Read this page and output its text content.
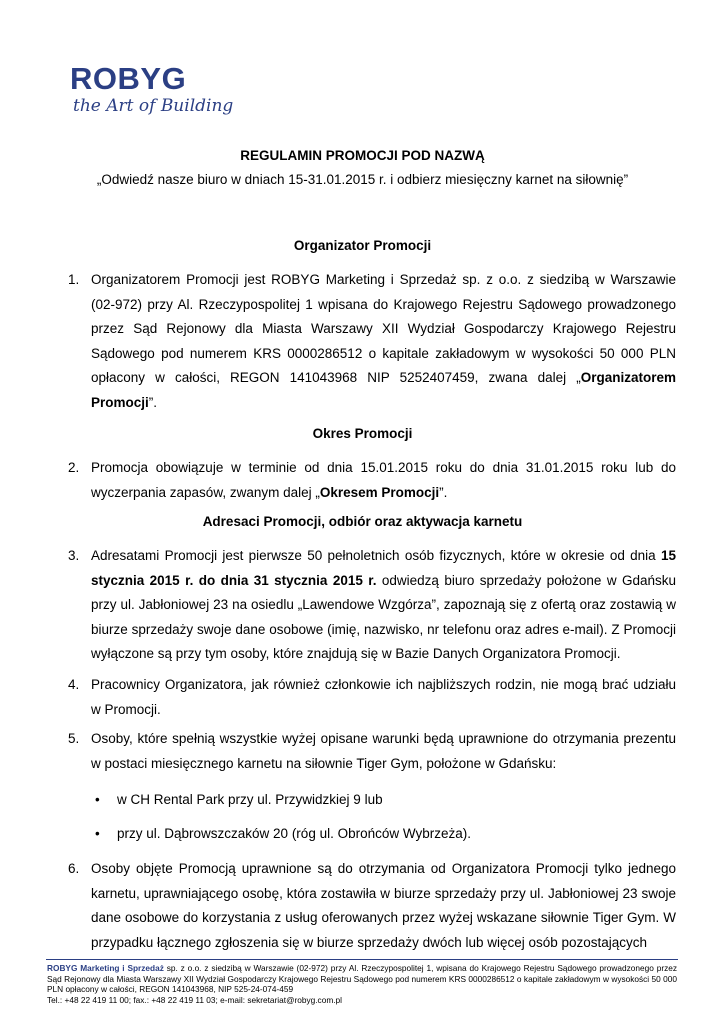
ROBYG
the Art of Building
REGULAMIN PROMOCJI POD NAZWĄ
„Odwiedź nasze biuro w dniach 15-31.01.2015 r. i odbierz miesięczny karnet na siłownię”
Organizator Promocji
1. Organizatorem Promocji jest ROBYG Marketing i Sprzedaż sp. z o.o. z siedzibą w Warszawie (02-972) przy Al. Rzeczypospolitej 1 wpisana do Krajowego Rejestru Sądowego prowadzonego przez Sąd Rejonowy dla Miasta Warszawy XII Wydział Gospodarczy Krajowego Rejestru Sądowego pod numerem KRS 0000286512 o kapitale zakładowym w wysokości 50 000 PLN opłacony w całości, REGON 141043968 NIP 5252407459, zwana dalej „Organizatorem Promocji”.
Okres Promocji
2. Promocja obowiązuje w terminie od dnia 15.01.2015 roku do dnia 31.01.2015 roku lub do wyczerpania zapasów, zwanym dalej „Okresem Promocji”.
Adresaci Promocji, odbiór oraz aktywacja karnetu
3. Adresatami Promocji jest pierwsze 50 pełnoletnich osób fizycznych, które w okresie od dnia 15 stycznia 2015 r. do dnia 31 stycznia 2015 r. odwiedzą biuro sprzedaży położone w Gdańsku przy ul. Jabłoniowej 23 na osiedlu „Lawendowe Wzgórza”, zapoznają się z ofertą oraz zostawią w biurze sprzedaży swoje dane osobowe (imię, nazwisko, nr telefonu oraz adres e-mail). Z Promocji wyłączone są przy tym osoby, które znajdują się w Bazie Danych Organizatora Promocji.
4. Pracownicy Organizatora, jak również członkowie ich najbliższych rodzin, nie mogą brać udziału w Promocji.
5. Osoby, które spełnią wszystkie wyżej opisane warunki będą uprawnione do otrzymania prezentu w postaci miesięcznego karnetu na siłownie Tiger Gym, położone w Gdańsku:
• w CH Rental Park przy ul. Przywidzkiej 9 lub
• przy ul. Dąbrowszczaków 20 (róg ul. Obrońców Wybrzeża).
6. Osoby objęte Promocją uprawnione są do otrzymania od Organizatora Promocji tylko jednego karnetu, uprawniającego osobę, która zostawiła w biurze sprzedaży przy ul. Jabłoniowej 23 swoje dane osobowe do korzystania z usług oferowanych przez wyżej wskazane siłownie Tiger Gym. W przypadku łącznego zgłoszenia się w biurze sprzedaży dwóch lub więcej osób pozostających
ROBYG Marketing i Sprzedaż sp. z o.o. z siedzibą w Warszawie (02-972) przy Al. Rzeczypospolitej 1, wpisana do Krajowego Rejestru Sądowego prowadzonego przez Sąd Rejonowy dla Miasta Warszawy XII Wydział Gospodarczy Krajowego Rejestru Sądowego pod numerem KRS 0000286512 o kapitale zakładowym w wysokości 50 000 PLN opłacony w całości, REGON 141043968, NIP 525-24-074-459
Tel.: +48 22 419 11 00; fax.: +48 22 419 11 03; e-mail: sekretariat@robyg.com.pl
